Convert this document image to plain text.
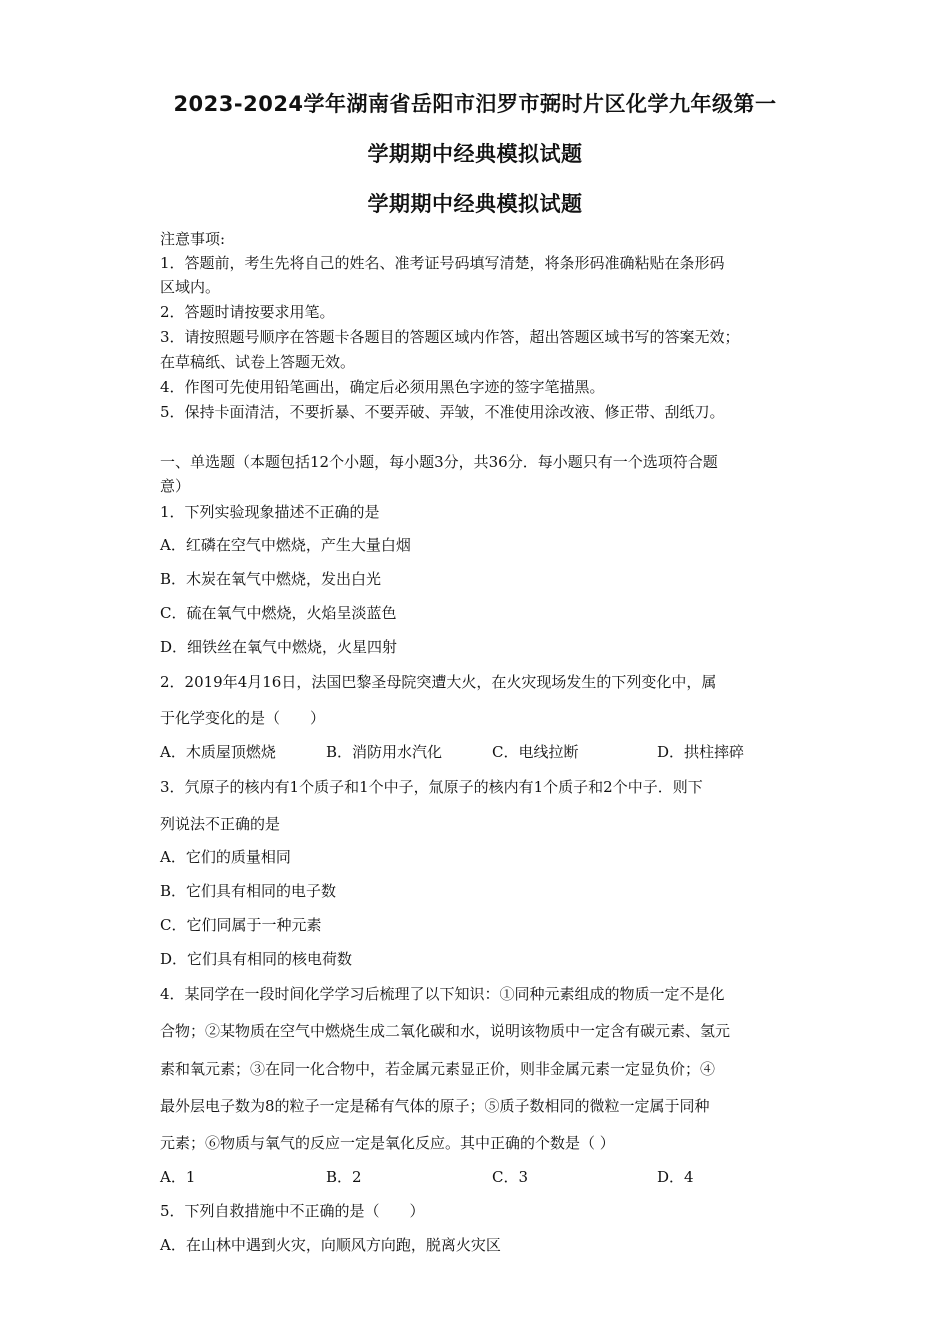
2023-2024学年湖南省岳阳市汨罗市弼时片区化学九年级第一
学期期中经典模拟试题
学期期中经典模拟试题
注意事项:
1．答题前，考生先将自己的姓名、准考证号码填写清楚，将条形码准确粘贴在条形码
区域内。
2．答题时请按要求用笔。
3．请按照题号顺序在答题卡各题目的答题区域内作答，超出答题区域书写的答案无效；
在草稿纸、试卷上答题无效。
4．作图可先使用铅笔画出，确定后必须用黑色字迹的签字笔描黑。
5．保持卡面清洁，不要折暴、不要弄破、弄皱，不准使用涂改液、修正带、刮纸刀。
一、单选题（本题包括12个小题，每小题3分，共36分．每小题只有一个选项符合题
意）
1．下列实验现象描述不正确的是
A．红磷在空气中燃烧，产生大量白烟
B．木炭在氧气中燃烧，发出白光
C．硫在氧气中燃烧，火焰呈淡蓝色
D．细铁丝在氧气中燃烧，火星四射
2．2019年4月16日，法国巴黎圣母院突遭大火，在火灾现场发生的下列变化中，属
于化学变化的是（　　）
A．木质屋顶燃烧	B．消防用水汽化	C．电线拉断	D．拱柱摔碎
3．氕原子的核内有1个质子和1个中子，氚原子的核内有1个质子和2个中子．则下
列说法不正确的是
A．它们的质量相同
B．它们具有相同的电子数
C．它们同属于一种元素
D．它们具有相同的核电荷数
4．某同学在一段时间化学学习后梳理了以下知识：①同种元素组成的物质一定不是化
合物；②某物质在空气中燃烧生成二氧化碳和水，说明该物质中一定含有碳元素、氢元
素和氧元素；③在同一化合物中，若金属元素显正价，则非金属元素一定显负价；④
最外层电子数为8的粒子一定是稀有气体的原子；⑤质子数相同的微粒一定属于同种
元素；⑥物质与氧气的反应一定是氧化反应。其中正确的个数是（ ）
A．1	B．2	C．3	D．4
5．下列自救措施中不正确的是（　　）
A．在山林中遇到火灾，向顺风方向跑，脱离火灾区
